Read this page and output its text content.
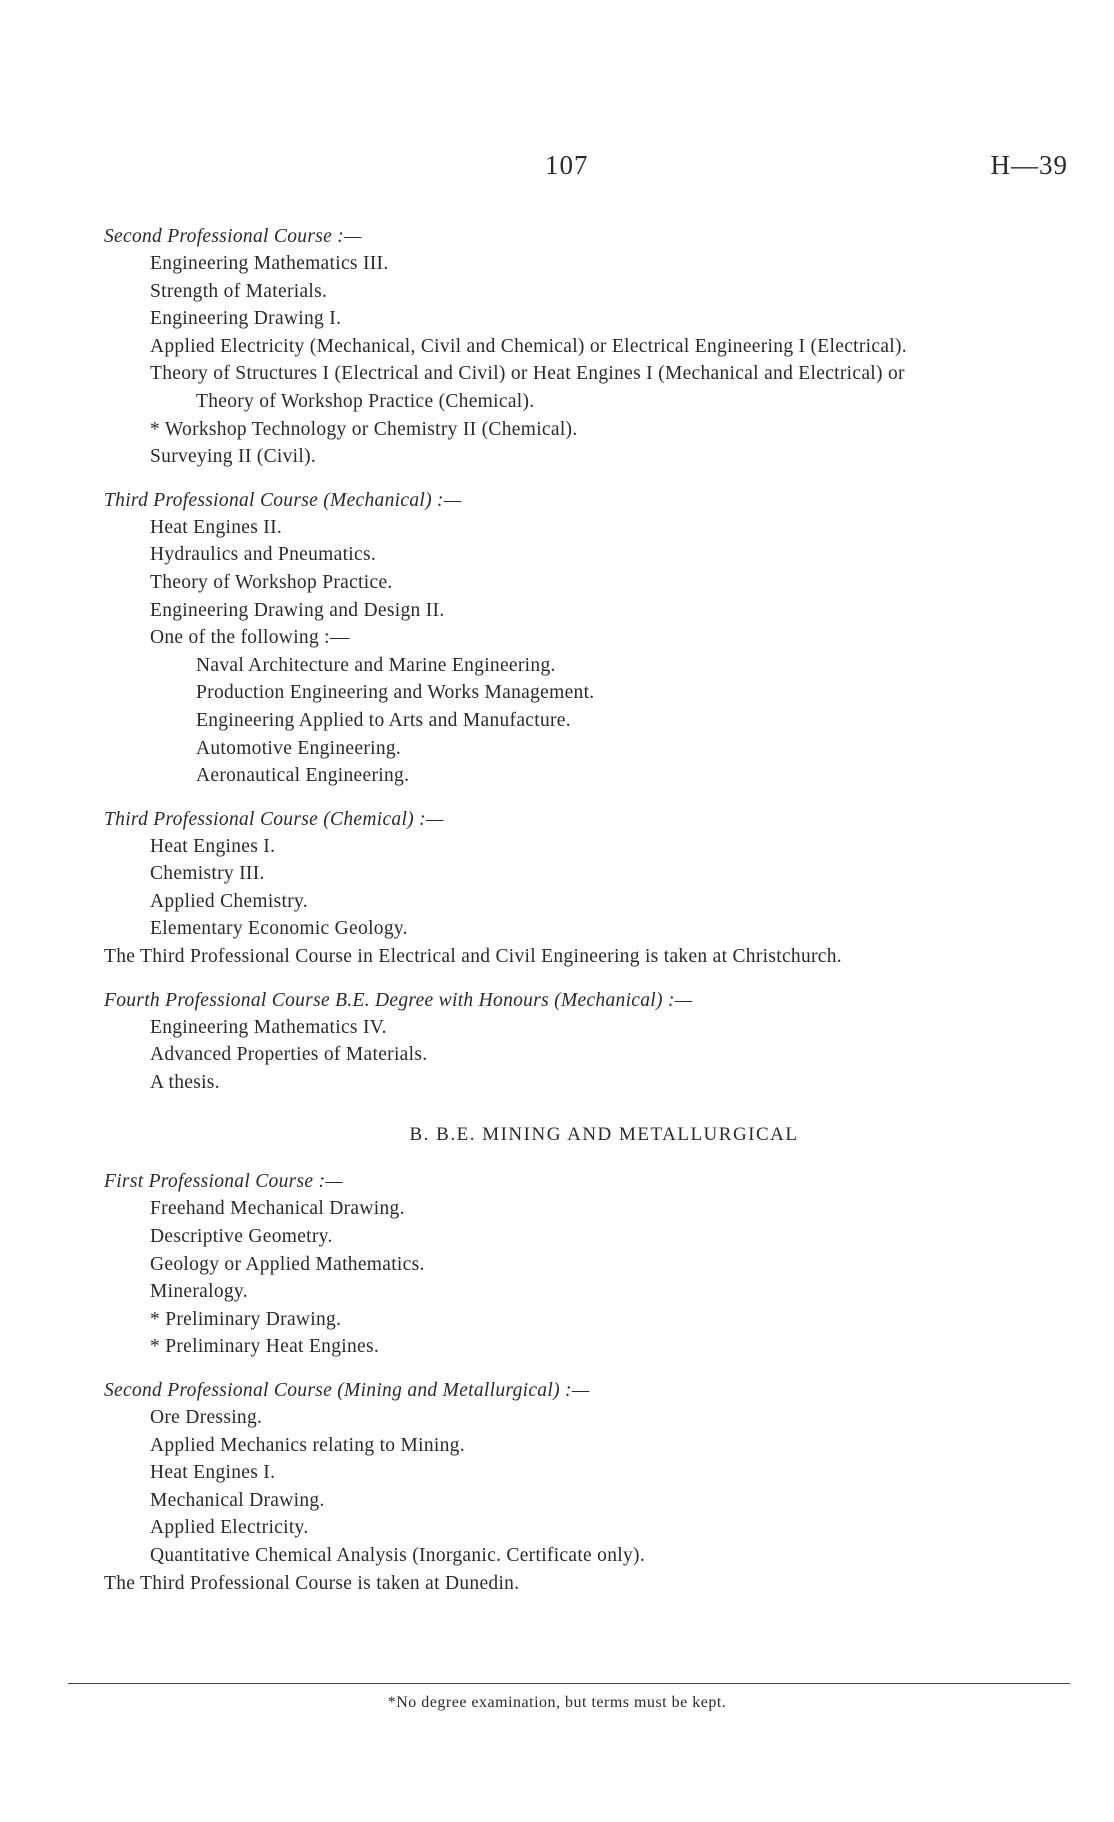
107	H—39
Second Professional Course :—
Engineering Mathematics III.
Strength of Materials.
Engineering Drawing I.
Applied Electricity (Mechanical, Civil and Chemical) or Electrical Engineering I (Electrical).
Theory of Structures I (Electrical and Civil) or Heat Engines I (Mechanical and Electrical) or
Theory of Workshop Practice (Chemical).
* Workshop Technology or Chemistry II (Chemical).
Surveying II (Civil).
Third Professional Course (Mechanical) :—
Heat Engines II.
Hydraulics and Pneumatics.
Theory of Workshop Practice.
Engineering Drawing and Design II.
One of the following :—
Naval Architecture and Marine Engineering.
Production Engineering and Works Management.
Engineering Applied to Arts and Manufacture.
Automotive Engineering.
Aeronautical Engineering.
Third Professional Course (Chemical) :—
Heat Engines I.
Chemistry III.
Applied Chemistry.
Elementary Economic Geology.
The Third Professional Course in Electrical and Civil Engineering is taken at Christchurch.
Fourth Professional Course B.E. Degree with Honours (Mechanical) :—
Engineering Mathematics IV.
Advanced Properties of Materials.
A thesis.
B. B.E. MINING AND METALLURGICAL
First Professional Course :—
Freehand Mechanical Drawing.
Descriptive Geometry.
Geology or Applied Mathematics.
Mineralogy.
* Preliminary Drawing.
* Preliminary Heat Engines.
Second Professional Course (Mining and Metallurgical) :—
Ore Dressing.
Applied Mechanics relating to Mining.
Heat Engines I.
Mechanical Drawing.
Applied Electricity.
Quantitative Chemical Analysis (Inorganic. Certificate only).
The Third Professional Course is taken at Dunedin.
*No degree examination, but terms must be kept.
